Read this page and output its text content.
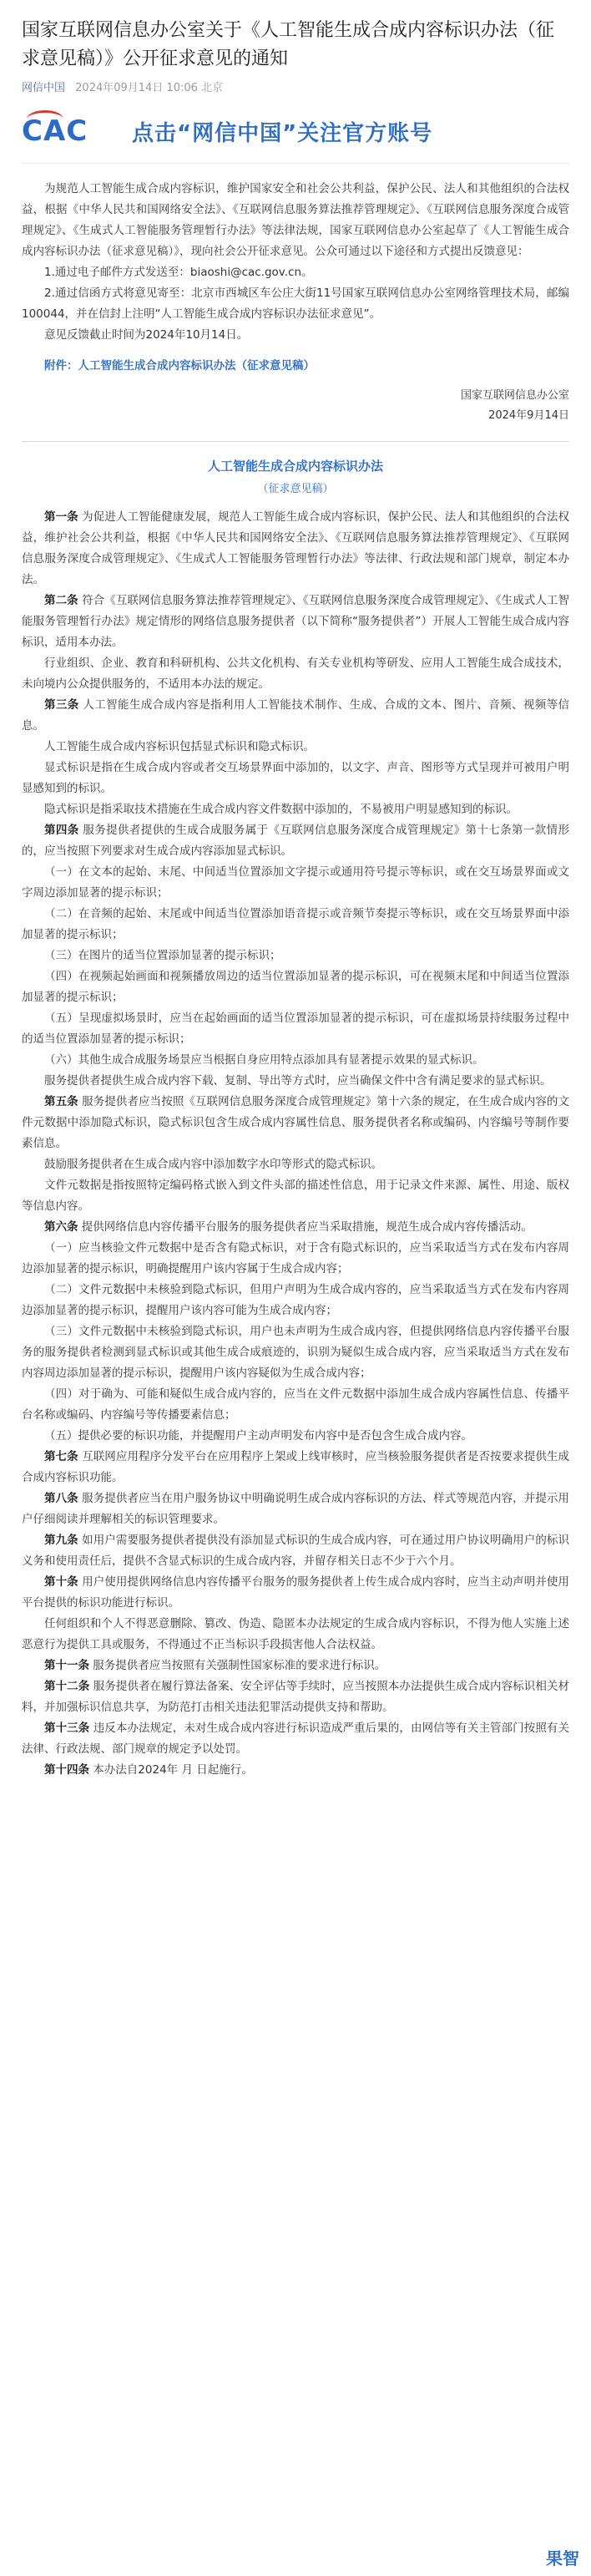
国家互联网信息办公室关于《人工智能生成合成内容标识办法（征求意见稿）》公开征求意见的通知
网信中国 2024年09月14日 10:06 北京
CAC	点击“网信中国”关注官方账号

为规范人工智能生成合成内容标识，维护国家安全和社会公共利益，保护公民、法人和其他组织的合法权益，根据《中华人民共和国网络安全法》、《互联网信息服务算法推荐管理规定》、《互联网信息服务深度合成管理规定》、《生成式人工智能服务管理暂行办法》等法律法规，国家互联网信息办公室起草了《人工智能生成合成内容标识办法（征求意见稿）》，现向社会公开征求意见。公众可通过以下途径和方式提出反馈意见：

1.通过电子邮件方式发送至：biaoshi@cac.gov.cn。

2.通过信函方式将意见寄至：北京市西城区车公庄大街11号国家互联网信息办公室网络管理技术局，邮编100044，并在信封上注明“人工智能生成合成内容标识办法征求意见”。

意见反馈截止时间为2024年10月14日。

附件：人工智能生成合成内容标识办法（征求意见稿）
国家互联网信息办公室
2024年9月14日
人工智能生成合成内容标识办法
（征求意见稿）

第一条 为促进人工智能健康发展，规范人工智能生成合成内容标识，保护公民、法人和其他组织的合法权益，维护社会公共利益，根据《中华人民共和国网络安全法》、《互联网信息服务算法推荐管理规定》、《互联网信息服务深度合成管理规定》、《生成式人工智能服务管理暂行办法》等法律、行政法规和部门规章，制定本办法。

第二条 符合《互联网信息服务算法推荐管理规定》、《互联网信息服务深度合成管理规定》、《生成式人工智能服务管理暂行办法》规定情形的网络信息服务提供者（以下简称“服务提供者”）开展人工智能生成合成内容标识，适用本办法。

行业组织、企业、教育和科研机构、公共文化机构、有关专业机构等研发、应用人工智能生成合成技术，未向境内公众提供服务的，不适用本办法的规定。

第三条 人工智能生成合成内容是指利用人工智能技术制作、生成、合成的文本、图片、音频、视频等信息。

人工智能生成合成内容标识包括显式标识和隐式标识。

显式标识是指在生成合成内容或者交互场景界面中添加的，以文字、声音、图形等方式呈现并可被用户明显感知到的标识。

隐式标识是指采取技术措施在生成合成内容文件数据中添加的，不易被用户明显感知到的标识。

第四条 服务提供者提供的生成合成服务属于《互联网信息服务深度合成管理规定》第十七条第一款情形的，应当按照下列要求对生成合成内容添加显式标识。

（一）在文本的起始、末尾、中间适当位置添加文字提示或通用符号提示等标识，或在交互场景界面或文字周边添加显著的提示标识；

（二）在音频的起始、末尾或中间适当位置添加语音提示或音频节奏提示等标识，或在交互场景界面中添加显著的提示标识；

（三）在图片的适当位置添加显著的提示标识；

（四）在视频起始画面和视频播放周边的适当位置添加显著的提示标识，可在视频末尾和中间适当位置添加显著的提示标识；

（五）呈现虚拟场景时，应当在起始画面的适当位置添加显著的提示标识，可在虚拟场景持续服务过程中的适当位置添加显著的提示标识；

（六）其他生成合成服务场景应当根据自身应用特点添加具有显著提示效果的显式标识。

服务提供者提供生成合成内容下载、复制、导出等方式时，应当确保文件中含有满足要求的显式标识。

第五条 服务提供者应当按照《互联网信息服务深度合成管理规定》第十六条的规定，在生成合成内容的文件元数据中添加隐式标识，隐式标识包含生成合成内容属性信息、服务提供者名称或编码、内容编号等制作要素信息。

鼓励服务提供者在生成合成内容中添加数字水印等形式的隐式标识。

文件元数据是指按照特定编码格式嵌入到文件头部的描述性信息，用于记录文件来源、属性、用途、版权等信息内容。

第六条 提供网络信息内容传播平台服务的服务提供者应当采取措施，规范生成合成内容传播活动。

（一）应当核验文件元数据中是否含有隐式标识，对于含有隐式标识的，应当采取适当方式在发布内容周边添加显著的提示标识，明确提醒用户该内容属于生成合成内容；

（二）文件元数据中未核验到隐式标识，但用户声明为生成合成内容的，应当采取适当方式在发布内容周边添加显著的提示标识，提醒用户该内容可能为生成合成内容；

（三）文件元数据中未核验到隐式标识，用户也未声明为生成合成内容，但提供网络信息内容传播平台服务的服务提供者检测到显式标识或其他生成合成痕迹的，识别为疑似生成合成内容，应当采取适当方式在发布内容周边添加显著的提示标识，提醒用户该内容疑似为生成合成内容；

（四）对于确为、可能和疑似生成合成内容的，应当在文件元数据中添加生成合成内容属性信息、传播平台名称或编码、内容编号等传播要素信息；

（五）提供必要的标识功能，并提醒用户主动声明发布内容中是否包含生成合成内容。

第七条 互联网应用程序分发平台在应用程序上架或上线审核时，应当核验服务提供者是否按要求提供生成合成内容标识功能。

第八条 服务提供者应当在用户服务协议中明确说明生成合成内容标识的方法、样式等规范内容，并提示用户仔细阅读并理解相关的标识管理要求。

第九条 如用户需要服务提供者提供没有添加显式标识的生成合成内容，可在通过用户协议明确用户的标识义务和使用责任后，提供不含显式标识的生成合成内容，并留存相关日志不少于六个月。

第十条 用户使用提供网络信息内容传播平台服务的服务提供者上传生成合成内容时，应当主动声明并使用平台提供的标识功能进行标识。

任何组织和个人不得恶意删除、篡改、伪造、隐匿本办法规定的生成合成内容标识，不得为他人实施上述恶意行为提供工具或服务，不得通过不正当标识手段损害他人合法权益。

第十一条 服务提供者应当按照有关强制性国家标准的要求进行标识。

第十二条 服务提供者在履行算法备案、安全评估等手续时，应当按照本办法提供生成合成内容标识相关材料，并加强标识信息共享，为防范打击相关违法犯罪活动提供支持和帮助。

第十三条 违反本办法规定，未对生成合成内容进行标识造成严重后果的，由网信等有关主管部门按照有关法律、行政法规、部门规章的规定予以处罚。

第十四条 本办法自2024年 月 日起施行。

果智
